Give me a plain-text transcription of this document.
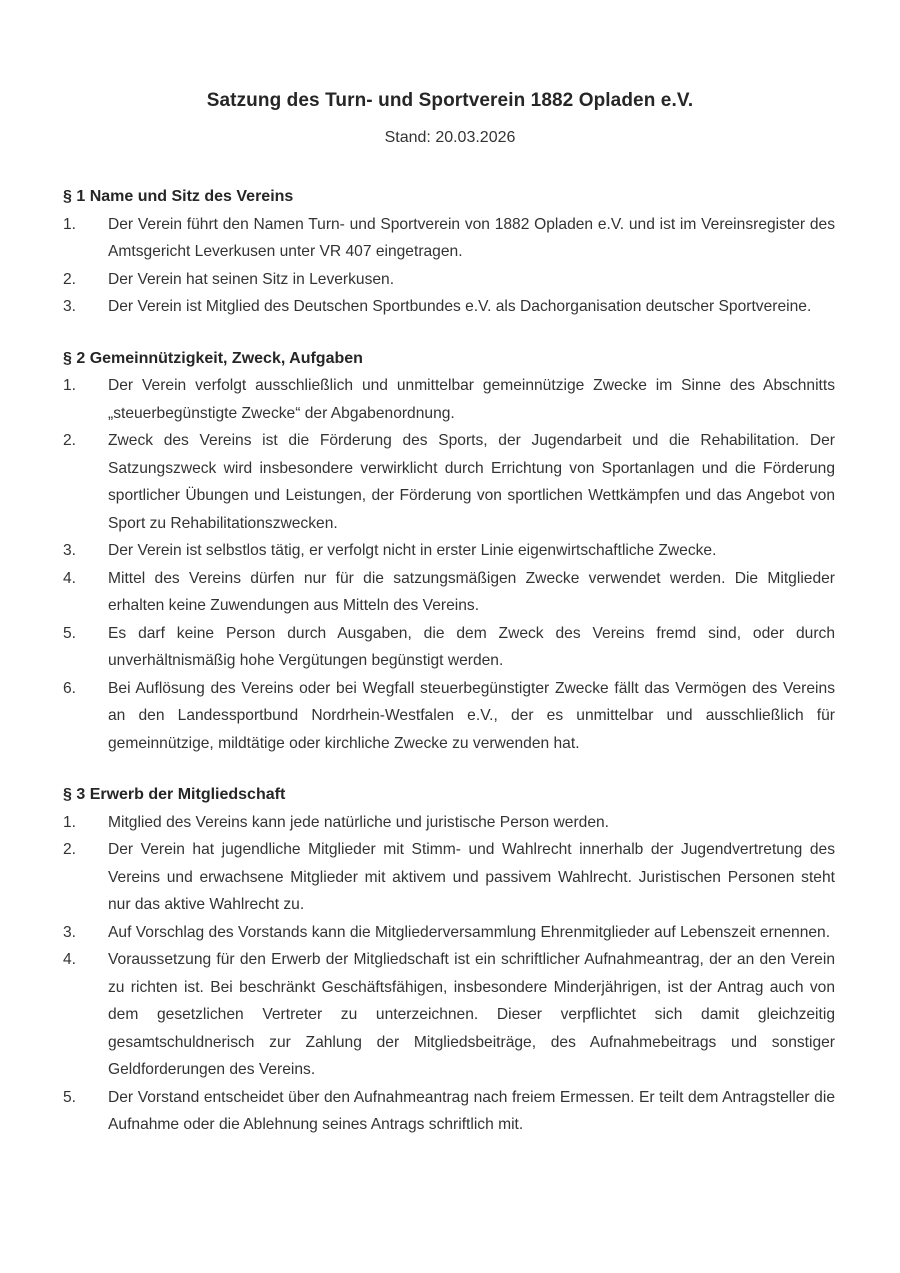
Satzung des Turn- und Sportverein 1882 Opladen e.V.
Stand: 20.03.2026
§ 1 Name und Sitz des Vereins
1.	Der Verein führt den Namen Turn- und Sportverein von 1882 Opladen e.V. und ist im Vereinsregister des Amtsgericht Leverkusen unter VR 407 eingetragen.
2.	Der Verein hat seinen Sitz in Leverkusen.
3.	Der Verein ist Mitglied des Deutschen Sportbundes e.V. als Dachorganisation deutscher Sportvereine.
§ 2 Gemeinnützigkeit, Zweck, Aufgaben
1.	Der Verein verfolgt ausschließlich und unmittelbar gemeinnützige Zwecke im Sinne des Abschnitts „steuerbegünstigte Zwecke“ der Abgabenordnung.
2.	Zweck des Vereins ist die Förderung des Sports, der Jugendarbeit und die Rehabilitation. Der Satzungszweck wird insbesondere verwirklicht durch Errichtung von Sportanlagen und die Förderung sportlicher Übungen und Leistungen, der Förderung von sportlichen Wettkämpfen und das Angebot von Sport zu Rehabilitationszwecken.
3.	Der Verein ist selbstlos tätig, er verfolgt nicht in erster Linie eigenwirtschaftliche Zwecke.
4.	Mittel des Vereins dürfen nur für die satzungsmäßigen Zwecke verwendet werden. Die Mitglieder erhalten keine Zuwendungen aus Mitteln des Vereins.
5.	Es darf keine Person durch Ausgaben, die dem Zweck des Vereins fremd sind, oder durch unverhältnismäßig hohe Vergütungen begünstigt werden.
6.	Bei Auflösung des Vereins oder bei Wegfall steuerbegünstigter Zwecke fällt das Vermögen des Vereins an den Landessportbund Nordrhein-Westfalen e.V., der es unmittelbar und ausschließlich für gemeinnützige, mildtätige oder kirchliche Zwecke zu verwenden hat.
§ 3 Erwerb der Mitgliedschaft
1.	Mitglied des Vereins kann jede natürliche und juristische Person werden.
2.	Der Verein hat jugendliche Mitglieder mit Stimm- und Wahlrecht innerhalb der Jugendvertretung des Vereins und erwachsene Mitglieder mit aktivem und passivem Wahlrecht. Juristischen Personen steht nur das aktive Wahlrecht zu.
3.	Auf Vorschlag des Vorstands kann die Mitgliederversammlung Ehrenmitglieder auf Lebenszeit ernennen.
4.	Voraussetzung für den Erwerb der Mitgliedschaft ist ein schriftlicher Aufnahmeantrag, der an den Verein zu richten ist. Bei beschränkt Geschäftsfähigen, insbesondere Minderjährigen, ist der Antrag auch von dem gesetzlichen Vertreter zu unterzeichnen. Dieser verpflichtet sich damit gleichzeitig gesamtschuldnerisch zur Zahlung der Mitgliedsbeiträge, des Aufnahmebeitrags und sonstiger Geldforderungen des Vereins.
5.	Der Vorstand entscheidet über den Aufnahmeantrag nach freiem Ermessen. Er teilt dem Antragsteller die Aufnahme oder die Ablehnung seines Antrags schriftlich mit.
